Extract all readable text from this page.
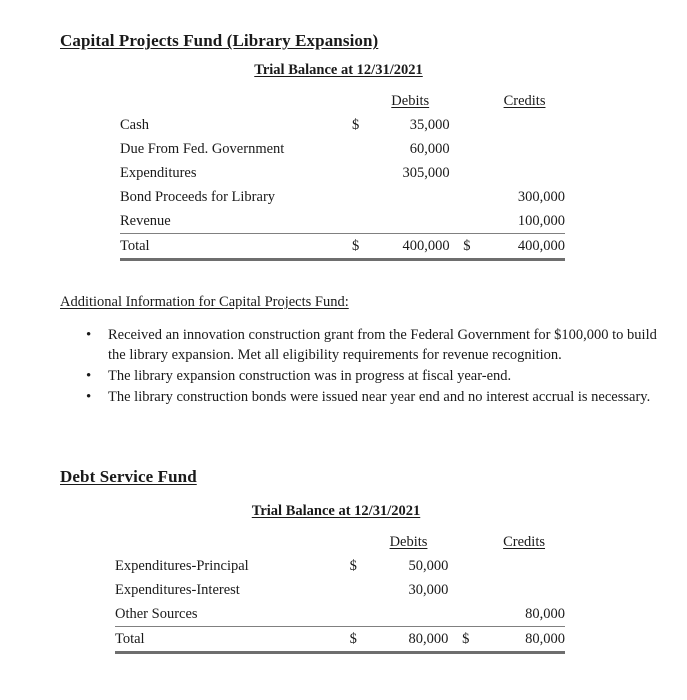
Capital Projects Fund (Library Expansion)
Trial Balance at 12/31/2021
		Debits		Credits
Cash	$	35,000		
Due From Fed. Government		60,000		
Expenditures		305,000		
Bond Proceeds for Library				300,000
Revenue				100,000
Total	$	400,000	$	400,000
Additional Information for Capital Projects Fund:
• Received an innovation construction grant from the Federal Government for $100,000 to build the library expansion. Met all eligibility requirements for revenue recognition.
• The library expansion construction was in progress at fiscal year-end.
• The library construction bonds were issued near year end and no interest accrual is necessary.
Debt Service Fund
Trial Balance at 12/31/2021
		Debits		Credits
Expenditures-Principal	$	50,000		
Expenditures-Interest		30,000		
Other Sources				80,000
Total	$	80,000	$	80,000
